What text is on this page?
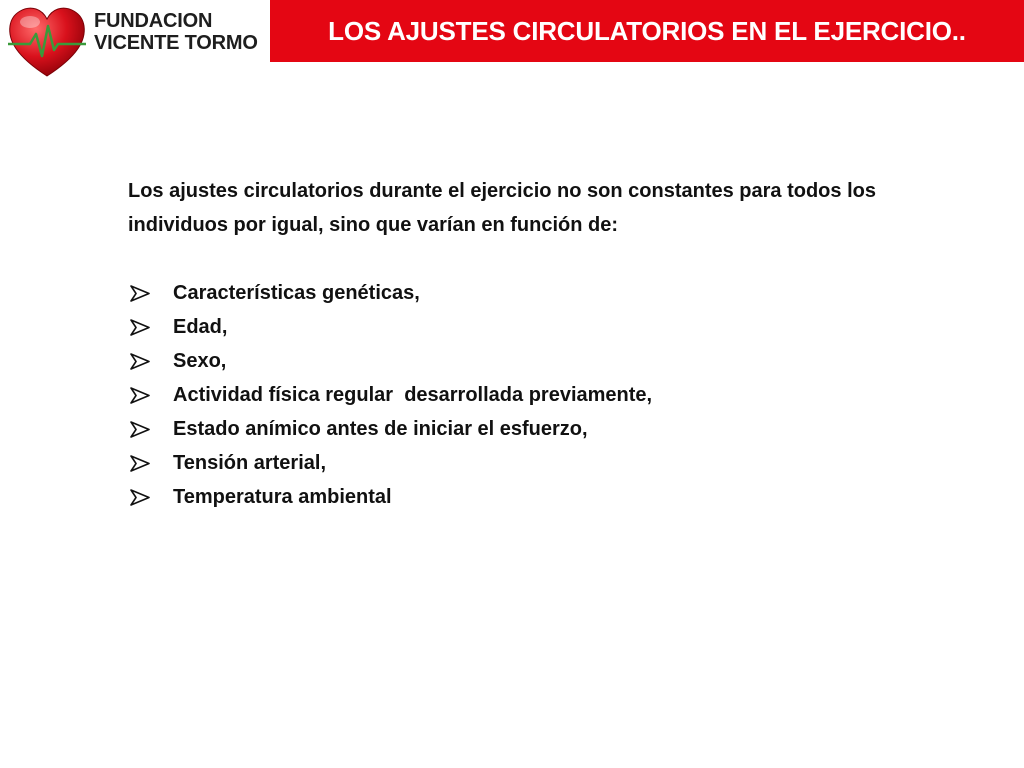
FUNDACION
VICENTE TORMO	LOS AJUSTES CIRCULATORIOS EN EL EJERCICIO..

Los ajustes circulatorios durante el ejercicio no son constantes para todos los individuos por igual, sino que varían en función de:

Características genéticas,
Edad,
Sexo,
Actividad física regular  desarrollada previamente,
Estado anímico antes de iniciar el esfuerzo,
Tensión arterial,
Temperatura ambiental
